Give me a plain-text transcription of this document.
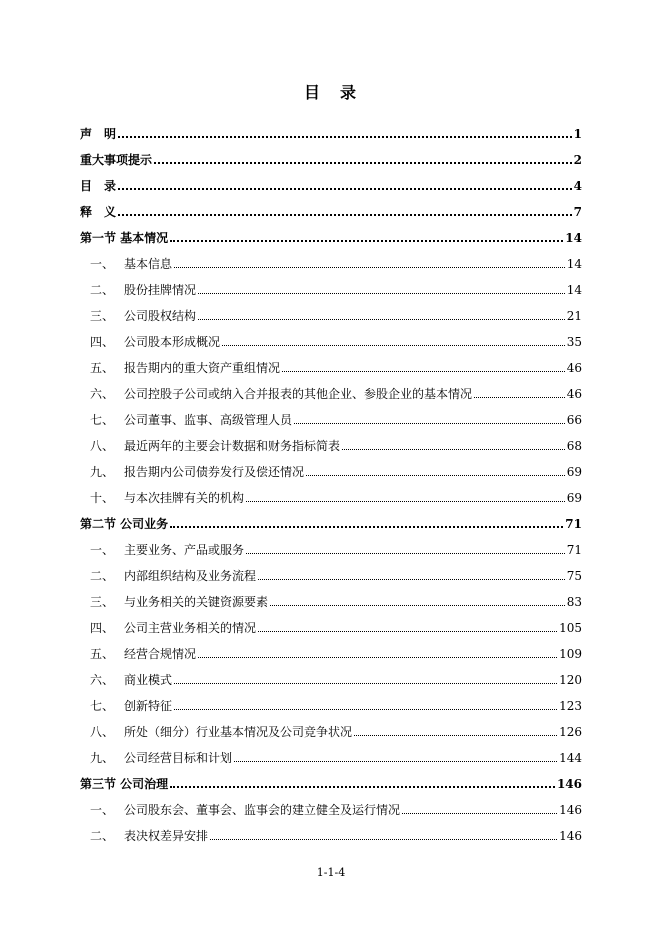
目　录
声　明	1
重大事项提示	2
目　录	4
释　义	7
第一节 基本情况	14
一、 基本信息	14
二、 股份挂牌情况	14
三、 公司股权结构	21
四、 公司股本形成概况	35
五、 报告期内的重大资产重组情况	46
六、 公司控股子公司或纳入合并报表的其他企业、参股企业的基本情况	46
七、 公司董事、监事、高级管理人员	66
八、 最近两年的主要会计数据和财务指标简表	68
九、 报告期内公司债券发行及偿还情况	69
十、 与本次挂牌有关的机构	69
第二节 公司业务	71
一、 主要业务、产品或服务	71
二、 内部组织结构及业务流程	75
三、 与业务相关的关键资源要素	83
四、 公司主营业务相关的情况	105
五、 经营合规情况	109
六、 商业模式	120
七、 创新特征	123
八、 所处（细分）行业基本情况及公司竞争状况	126
九、 公司经营目标和计划	144
第三节 公司治理	146
一、 公司股东会、董事会、监事会的建立健全及运行情况	146
二、 表决权差异安排	146
1-1-4
